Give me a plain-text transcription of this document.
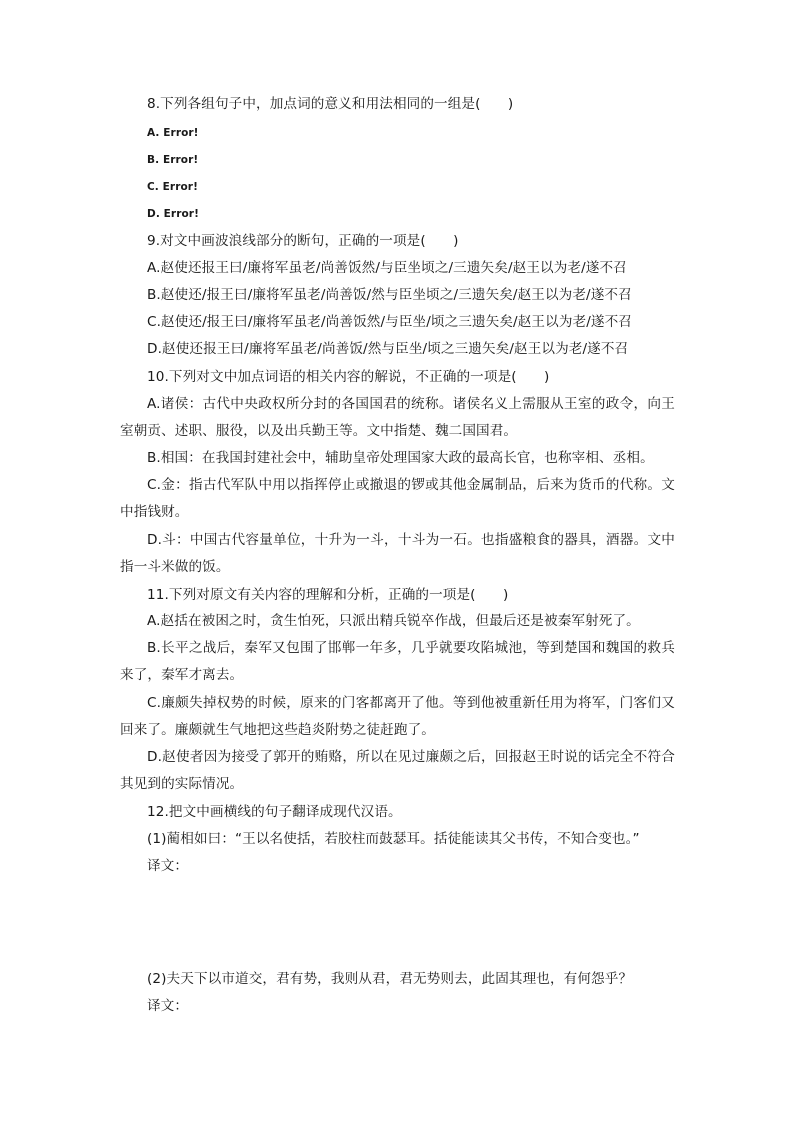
8.下列各组句子中，加点词的意义和用法相同的一组是(　　)
A. Error!
B. Error!
C. Error!
D. Error!
9.对文中画波浪线部分的断句，正确的一项是(　　)
A.赵使还报王曰/廉将军虽老/尚善饭然/与臣坐顷之/三遗矢矣/赵王以为老/遂不召
B.赵使还/报王曰/廉将军虽老/尚善饭/然与臣坐顷之/三遗矢矣/赵王以为老/遂不召
C.赵使还/报王曰/廉将军虽老/尚善饭然/与臣坐/顷之三遗矢矣/赵王以为老/遂不召
D.赵使还报王曰/廉将军虽老/尚善饭/然与臣坐/顷之三遗矢矣/赵王以为老/遂不召
10.下列对文中加点词语的相关内容的解说，不正确的一项是(　　)
A.诸侯：古代中央政权所分封的各国国君的统称。诸侯名义上需服从王室的政令，向王室朝贡、述职、服役，以及出兵勤王等。文中指楚、魏二国国君。
B.相国：在我国封建社会中，辅助皇帝处理国家大政的最高长官，也称宰相、丞相。
C.金：指古代军队中用以指挥停止或撤退的锣或其他金属制品，后来为货币的代称。文中指钱财。
D.斗：中国古代容量单位，十升为一斗，十斗为一石。也指盛粮食的器具，酒器。文中指一斗米做的饭。
11.下列对原文有关内容的理解和分析，正确的一项是(　　)
A.赵括在被困之时，贪生怕死，只派出精兵锐卒作战，但最后还是被秦军射死了。
B.长平之战后，秦军又包围了邯郸一年多，几乎就要攻陷城池，等到楚国和魏国的救兵来了，秦军才离去。
C.廉颇失掉权势的时候，原来的门客都离开了他。等到他被重新任用为将军，门客们又回来了。廉颇就生气地把这些趋炎附势之徒赶跑了。
D.赵使者因为接受了郭开的贿赂，所以在见过廉颇之后，回报赵王时说的话完全不符合其见到的实际情况。
12.把文中画横线的句子翻译成现代汉语。
(1)蔺相如曰：“王以名使括，若胶柱而鼓瑟耳。括徒能读其父书传，不知合变也。”
译文：
(2)夫天下以市道交，君有势，我则从君，君无势则去，此固其理也，有何怨乎？
译文：
